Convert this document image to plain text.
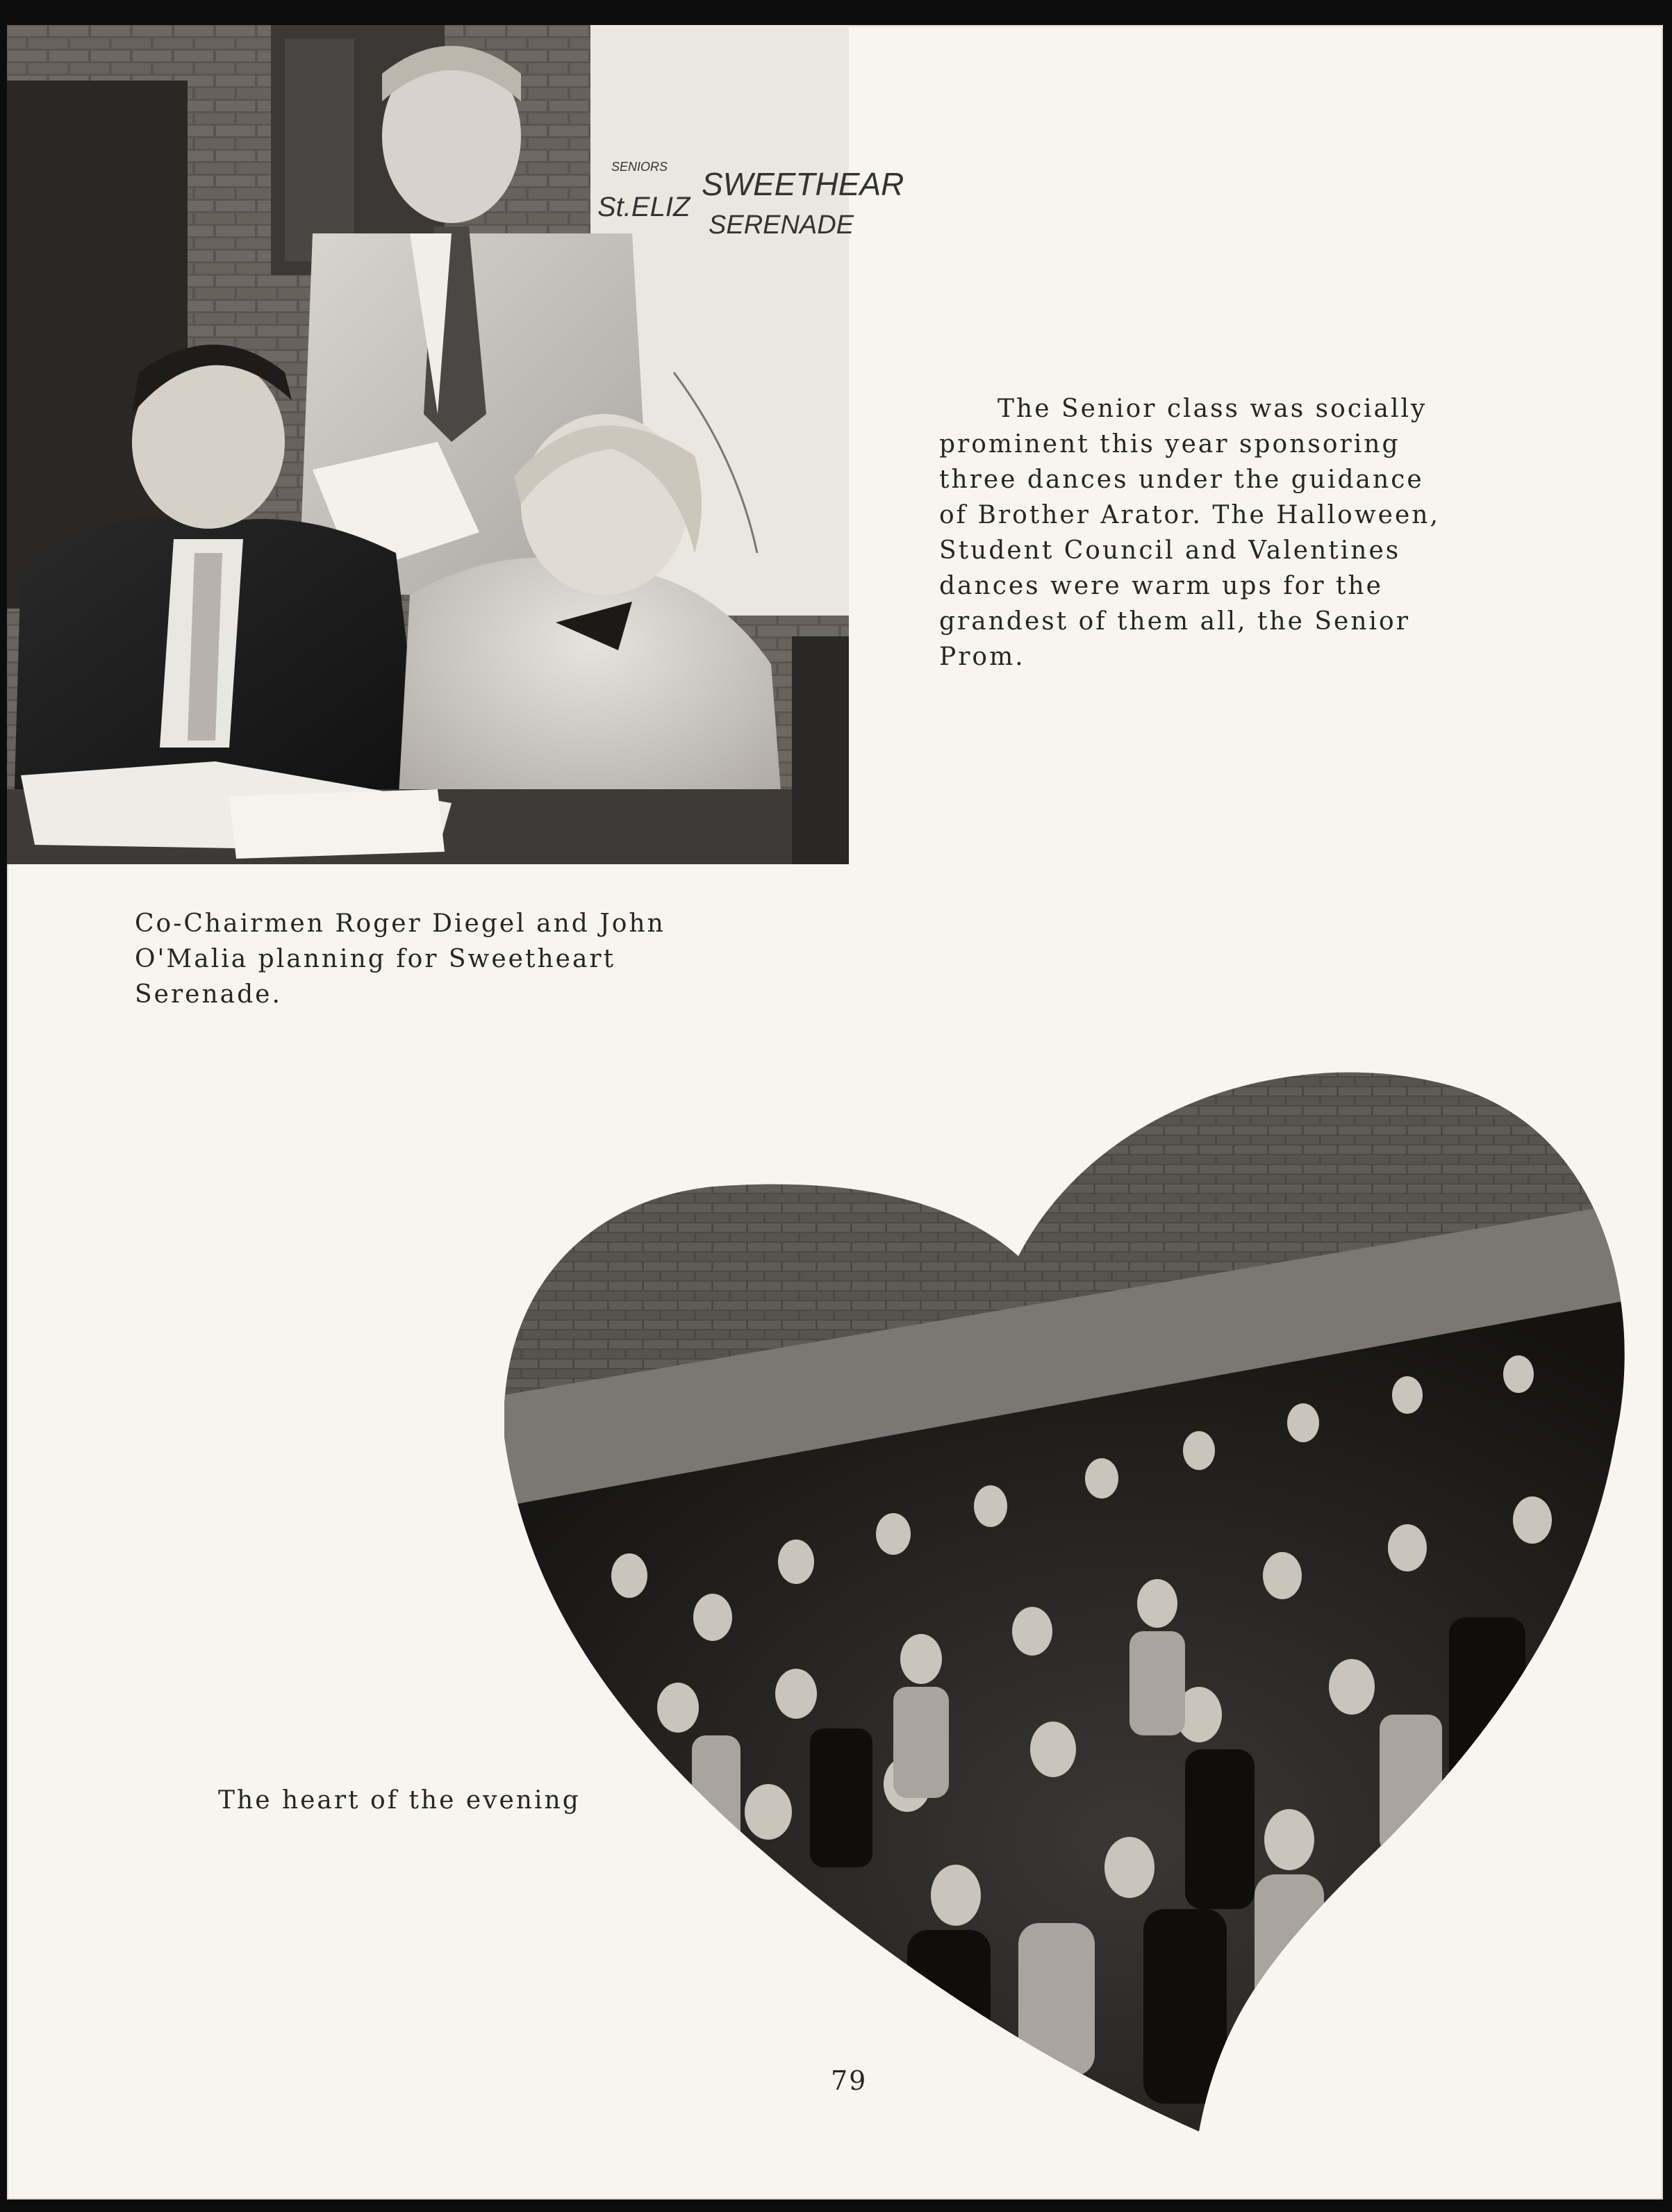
SENIORS
St.ELIZ
SWEETHEAR
SERENADE

The Senior class was socially
prominent this year sponsoring
three dances under the guidance
of Brother Arator. The Halloween,
Student Council and Valentines
dances were warm ups for the
grandest of them all, the Senior
Prom.

Co-Chairmen Roger Diegel and John
O'Malia planning for Sweetheart
Serenade.

The heart of the evening

79
